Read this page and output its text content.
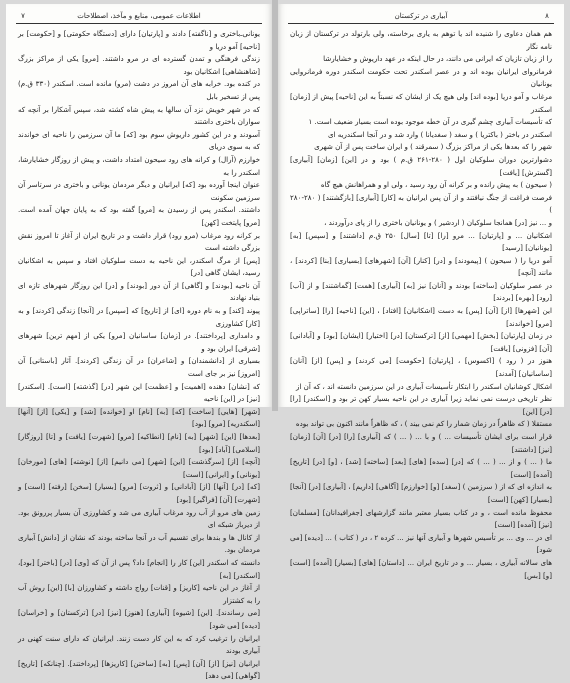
۷	اطلاعات عمومی، منابع و مآخذ، اصطلاحات

یونانی‌ـ‌باختری و [ناگفته] دادند و [پارتیان] دارای [دستگاه حکومتی] و [حکومت] بر [ناحیه] آمو دریا و

زندگی فرهنگی و تمدن گسترده ای در مرو داشتند. [مرو] یکی از مراکز بزرگ [شاهنشاهی] اشکانیان بود

در کنده بود. خرابه های آن امروز در دشت (مرو) مانده است. اسکندر (۳۳۰ ق.م) پس از تسخیر بابل

که در شهر خویش نزد آن سالها به پیش شاه کشته شد، سپس آشکارا بر آنچه که سواران باختری داشتند

آسودند و در این کشور داریوش سوم بود [که] ما آن سرزمین را ناحیه ای خواندند که به سوی دریای

خوارزم (آرال) و کرانه های رود سیحون امتداد داشت، و پیش از روزگار خشایارشا، اسکندر را به

عنوان اینجا آورده بود [که] ایرانیان و دیگر مردمان یونانی و باختری در سرتاسر آن سرزمین سکونت

داشتند. اسکندر پس از رسیدن به [مرو] گفته بود که به پایان جهان آمده است. [مرو] پایتخت [کهن]

بر کرانه رود مرغاب (مرو رود) قرار داشت و در تاریخ ایران از آغاز تا امروز نقش بزرگی داشته است

[پس] از مرگ اسکندر، این ناحیه به دست سلوکیان افتاد و سپس به اشکانیان رسید، ایشان گاهی [در]

آن ناحیه [بودند] و [گاهی] از آن دور [بودند] و [در] این روزگار شهرهای تازه ای بنیاد نهادند

پیوند [کند] و به نام دوره [ای] از [تاریخ] که [سپس] در [آنجا] زندگی [کردند] و به [کار] کشاورزی

و دامداری [پرداختند]. در [زمان] ساسانیان [مرو] یکی از [مهم ترین] شهرهای [شرقی] ایران بود و

بسیاری از [دانشمندان] و [شاعران] در آن زندگی [کردند]. آثار [باستانی] آن [امروز] نیز بر جای است

که [نشان] دهنده [اهمیت] و [عظمت] این شهر [در] [گذشته] [است]. [اسکندر] [نیز] در [این] ناحیه

[شهر] [هایی] [ساخت] [که] [به] [نام] او [خوانده] [شد] و [یکی] [از] [آنها] [اسکندریه] [مرو] [بود]

[بعدها] [این] [شهر] [به] [نام] [انطاکیه] [مرو] [شهرت] [یافت] و [تا] [روزگار] [اسلامی] [آباد] [بود]

[آنچه] [از] [سرگذشت] [این] [شهر] [می دانیم] [از] [نوشته] [های] [مورخان] [یونانی] و [ایرانی] [است]

[که] [در] [آنها] [از] [آبادانی] و [ثروت] [مرو] [بسیار] [سخن] [رفته] [است] و [شهرت] [آن] [فراگیر] [بود]

زمین های مرو از آب رود مرغاب آبیاری می شد و کشاورزی آن بسیار پررونق بود. از دیرباز شبکه ای

از کانال ها و بندها برای تقسیم آب در آنجا ساخته بودند که نشان از [دانش] آبیاری مردمان بود.

دانسته که اسکندر [این] کار را [انجام] داد؟ پس از آن که [وی] [در] [باختر] [بود]، [اسکندر] [به]

از آغاز در این ناحیه [کاریز] و [قنات] رواج داشته و کشاورزان [با] [این] روش آب را به کشتزار

[می رساندند]. [این] [شیوه] [آبیاری] [هنوز] [نیز] [در] [ترکستان] و [خراسان] [دیده] [می شود]

ایرانیان را ترغیب کرد که به این کار دست زنند. ایرانیان که دارای سنت کهنی در آبیاری بودند

ایرانیان [نیز] [از] [آن] [پس] [به] [ساختن] [کاریزها] [پرداختند]. [چنانکه] [تاریخ] [گواهی] [می دهد]

آبیاری در ترکستان	۸

هم همان دعاوی را شنیده اند یا توهم به یاری برخاسته، ولی بارتولد در ترکستان از زبان نامه نگار

را از زبان تازیان که ایرانی می دانند، در حال اینکه در عهد داریوش و خشایارشا

فرمانروای ایرانیان بوده اند و در عصر اسکندر تحت حکومت اسکندر دوره فرمانروایی یونانیان

مرغاب و آمو دریا [بوده اند] ولی هیچ یک از ایشان که نسبتاً به این [ناحیه] پیش از [زمان] اسکندر

که تأسیسات آبیاری چشم گیری در آن خطه موجود بوده است بسیار ضعیف است. ۱

اسکندر در باختر ( باکتریا ) و سغد ( سغدیانا ) وارد شد و در آنجا اسکندریه ای

شهر را که بعدها یکی از مراکز بزرگ ( سمرقند ) و ایران ساخت پس از آن شهری

دشوارترین دوران سلوکیان اول ( ۲۸۰-۲۶۱ ق.م ) بود و در [این] [زمان] [آبیاری] [گسترش] [یافت]

( سیحون ) به پیش رانده و بر کرانه آن رود رسید ، ولی او و همراهانش هیچ گاه

فرصت فراغت از جنگ نیافتند و از آن پس ایرانیان به [کار] [آبیاری] [بازگشتند] ( ۲۸۰-۲۸۰ )

و ... نیز [در] همانجا سلوکیان ( اردشیر ) و یونانیان باختری را از پای درآوردند ،

اشکانیان ... و [پارتیان] ... مرو [را] [تا] [سال] ۲۵۰ ق.م [داشتند] و [سپس] [به] [یونانیان] [رسید]

آمو دریا را ( سیحون ) [پیمودند] و [در] [کنار] [آن] [شهرهای] [بسیاری] [بنا] [کردند] ، مانند [آنچه]

در عصر سلوکیان [ساخته] بودند و [آنان] نیز [به] [آبیاری] [همت] [گماشتند] و از [آب] [رود] [بهره] [بردند]

این [شهرها] [از] [آن] [پس] به دست [اشکانیان] [افتاد] ، [این] [ناحیه] [را] [ساتراپی] [مرو] [خواندند]

در زمان [پارتیان] [بخش] [مهمی] [از] [ترکستان] [در] [اختیار] [ایشان] [بود] و [آبادانی] [آن] [فزونی] [یافت]

هنوز در ( رود ) [اکسوس] ، [پارتیان] [حکومت] [می کردند] و [پس] [از] [آنان] [ساسانیان] [آمدند]

اشکال کوشانیان اسکندر را ابتکار تأسیسات آبیاری در این سرزمین دانسته اند ، که آن از

نظر تاریخی درست نمی نماید زیرا آبیاری در این ناحیه بسیار کهن تر بود و [اسکندر] [را] [در] [این]

مستقلا ( که ظاهراً در زمان شمار را کم نمی بیند ) ، که ظاهراً مانند اکنون بی تواند بوده

قرار است برای ایشان تأسیسات ... ) و با ... ( ... ) که [آبیاری] [را] [در] [آن] [زمان] [نیز] [داشتند]

ما ( ... ) و از ... ( ... ) که [در] [سده] [های] [بعد] [ساخته] [شد] ، [و] [در] [تاریخ] [آمده] [است]

به اندازه ای که از ( سرزمین ) [سغد] [و] [خوارزم] [آگاهی] [داریم] ، [آبیاری] [در] [آنجا] [بسیار] [کهن] [است]

محفوظ مانده است ، و در کتاب بسیار معتبر مانند گزارشهای [جغرافیدانان] [مسلمان] [نیز] [آمده] [است]

ای در ... وی ... بر تأسیس شهرها و آبیاری آنها نیز ... کرده ۲ ، در ( کتاب ) ... [دیده] [می شود]

های سالانه آبیاری ، بسیار ... و در تاریخ ایران ... [داستان] [های] [بسیار] [آمده] [است] [و] [بس]
